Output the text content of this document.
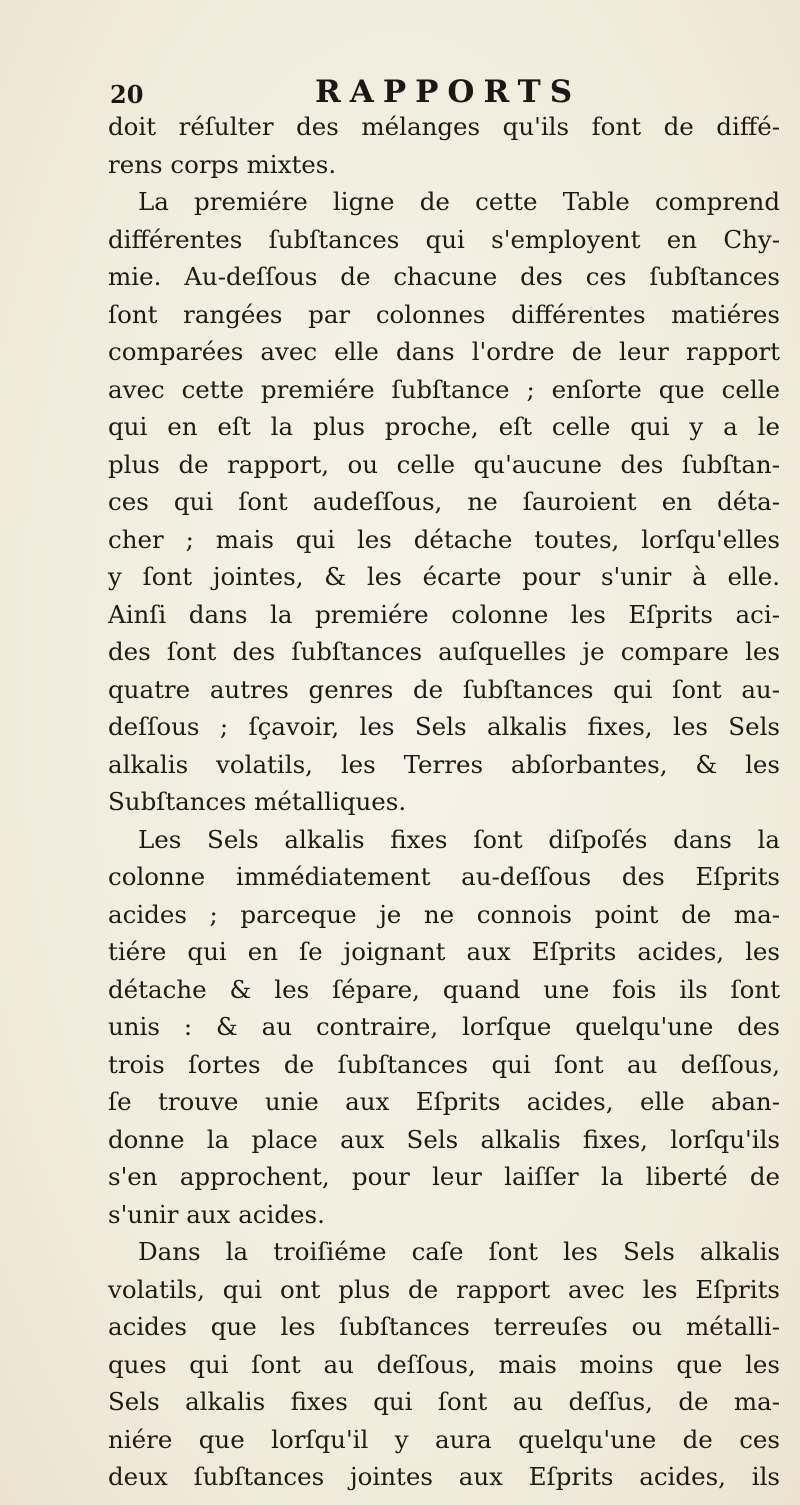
20	RAPPORTS
doit réſulter des mélanges qu'ils font de diffé-
rens corps mixtes.
La premiére ligne de cette Table comprend
différentes ſubſtances qui s'employent en Chy-
mie. Au-deſſous de chacune des ces ſubſtances
ſont rangées par colonnes différentes matiéres
comparées avec elle dans l'ordre de leur rapport
avec cette premiére ſubſtance ; enſorte que celle
qui en eſt la plus proche, eſt celle qui y a le
plus de rapport, ou celle qu'aucune des ſubſtan-
ces qui ſont audeſſous, ne ſauroient en déta-
cher ; mais qui les détache toutes, lorſqu'elles
y ſont jointes, & les écarte pour s'unir à elle.
Ainſi dans la premiére colonne les Eſprits aci-
des ſont des ſubſtances auſquelles je compare les
quatre autres genres de ſubſtances qui ſont au-
deſſous ; ſçavoir, les Sels alkalis fixes, les Sels
alkalis volatils, les Terres abſorbantes, & les
Subſtances métalliques.
Les Sels alkalis fixes ſont diſpoſés dans la
colonne immédiatement au-deſſous des Eſprits
acides ; parceque je ne connois point de ma-
tiére qui en ſe joignant aux Eſprits acides, les
détache & les ſépare, quand une fois ils ſont
unis : & au contraire, lorſque quelqu'une des
trois ſortes de ſubſtances qui ſont au deſſous,
ſe trouve unie aux Eſprits acides, elle aban-
donne la place aux Sels alkalis fixes, lorſqu'ils
s'en approchent, pour leur laiſſer la liberté de
s'unir aux acides.
Dans la troiſiéme caſe ſont les Sels alkalis
volatils, qui ont plus de rapport avec les Eſprits
acides que les ſubſtances terreuſes ou métalli-
ques qui ſont au deſſous, mais moins que les
Sels alkalis fixes qui ſont au deſſus, de ma-
niére que lorſqu'il y aura quelqu'une de ces
deux ſubſtances jointes aux Eſprits acides, ils
